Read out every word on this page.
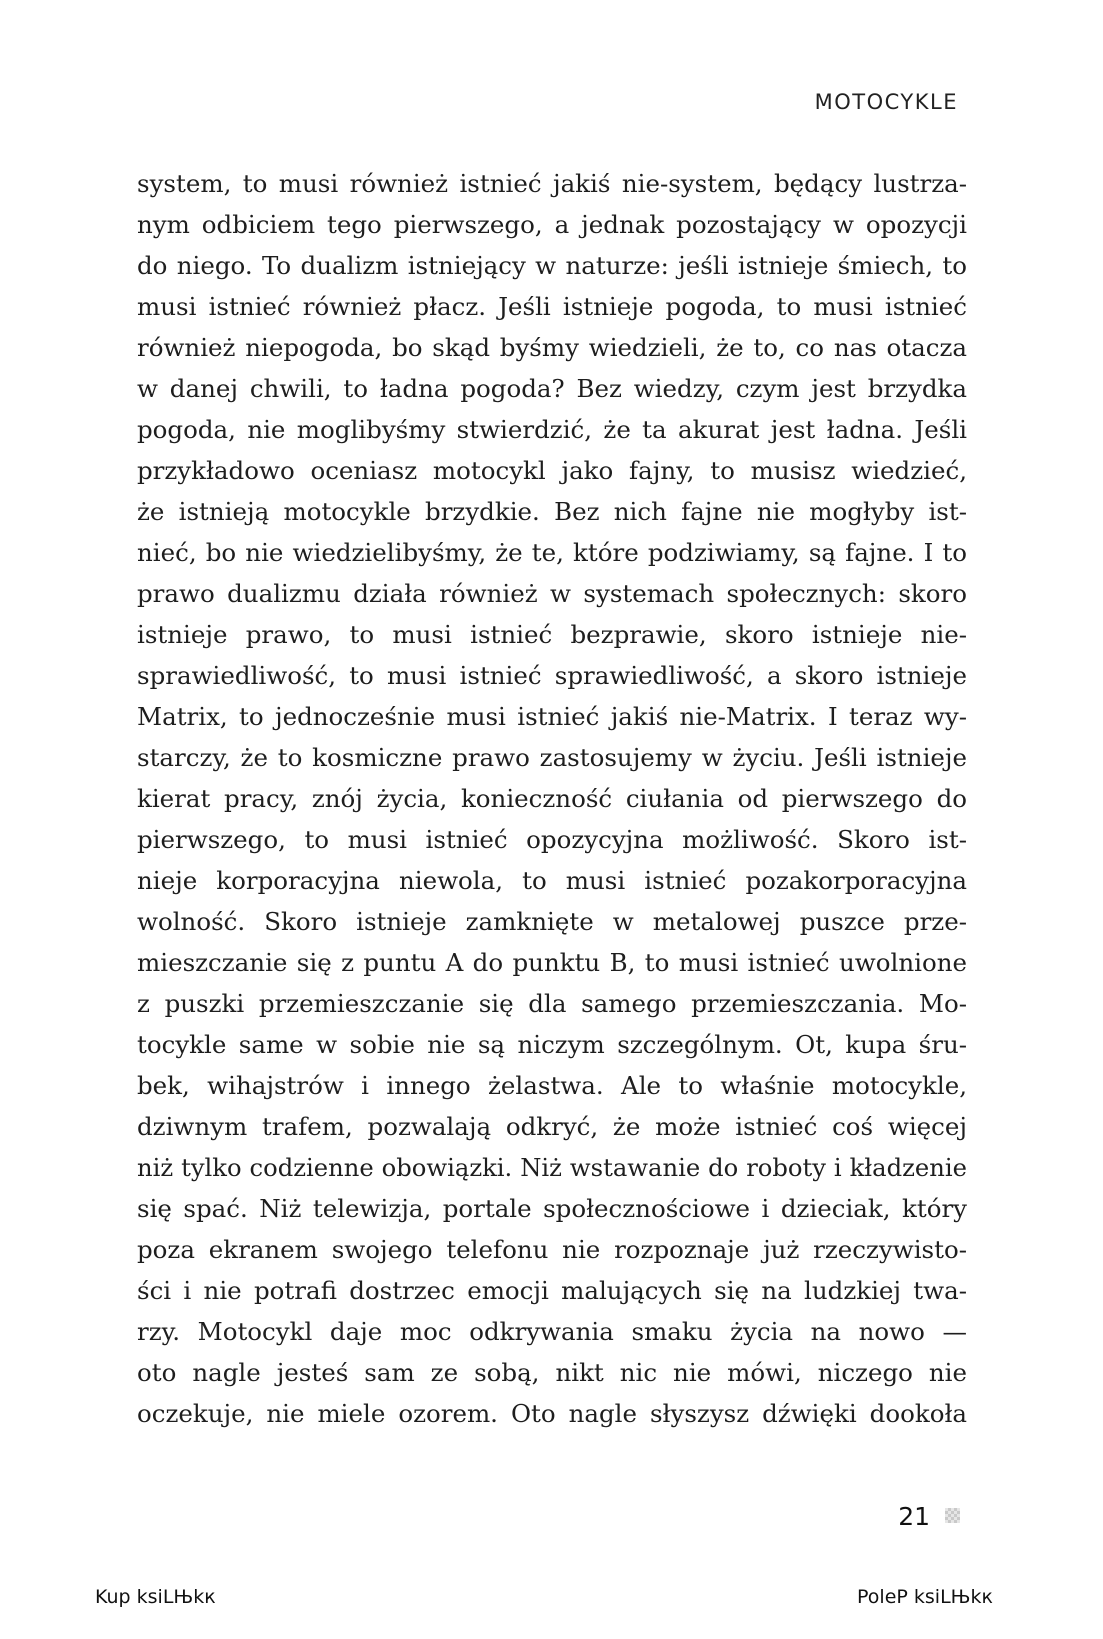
MOTOCYKLE
system, to musi również istnieć jakiś nie-system, będący lustrza-
nym odbiciem tego pierwszego, a jednak pozostający w opozycji
do niego. To dualizm istniejący w naturze: jeśli istnieje śmiech, to
musi istnieć również płacz. Jeśli istnieje pogoda, to musi istnieć
również niepogoda, bo skąd byśmy wiedzieli, że to, co nas otacza
w danej chwili, to ładna pogoda? Bez wiedzy, czym jest brzydka
pogoda, nie moglibyśmy stwierdzić, że ta akurat jest ładna. Jeśli
przykładowo oceniasz motocykl jako fajny, to musisz wiedzieć,
że istnieją motocykle brzydkie. Bez nich fajne nie mogłyby ist-
nieć, bo nie wiedzielibyśmy, że te, które podziwiamy, są fajne. I to
prawo dualizmu działa również w systemach społecznych: skoro
istnieje prawo, to musi istnieć bezprawie, skoro istnieje nie-
sprawiedliwość, to musi istnieć sprawiedliwość, a skoro istnieje
Matrix, to jednocześnie musi istnieć jakiś nie-Matrix. I teraz wy-
starczy, że to kosmiczne prawo zastosujemy w życiu. Jeśli istnieje
kierat pracy, znój życia, konieczność ciułania od pierwszego do
pierwszego, to musi istnieć opozycyjna możliwość. Skoro ist-
nieje korporacyjna niewola, to musi istnieć pozakorporacyjna
wolność. Skoro istnieje zamknięte w metalowej puszce prze-
mieszczanie się z puntu A do punktu B, to musi istnieć uwolnione
z puszki przemieszczanie się dla samego przemieszczania. Mo-
tocykle same w sobie nie są niczym szczególnym. Ot, kupa śru-
bek, wihajstrów i innego żelastwa. Ale to właśnie motocykle,
dziwnym trafem, pozwalają odkryć, że może istnieć coś więcej
niż tylko codzienne obowiązki. Niż wstawanie do roboty i kładzenie
się spać. Niż telewizja, portale społecznościowe i dzieciak, który
poza ekranem swojego telefonu nie rozpoznaje już rzeczywisto-
ści i nie potrafi dostrzec emocji malujących się na ludzkiej twa-
rzy. Motocykl daje moc odkrywania smaku życia na nowo —
oto nagle jesteś sam ze sobą, nikt nic nie mówi, niczego nie
oczekuje, nie miele ozorem. Oto nagle słyszysz dźwięki dookoła
21
Kup ksiLЊkк	PoleР ksiLЊkк
